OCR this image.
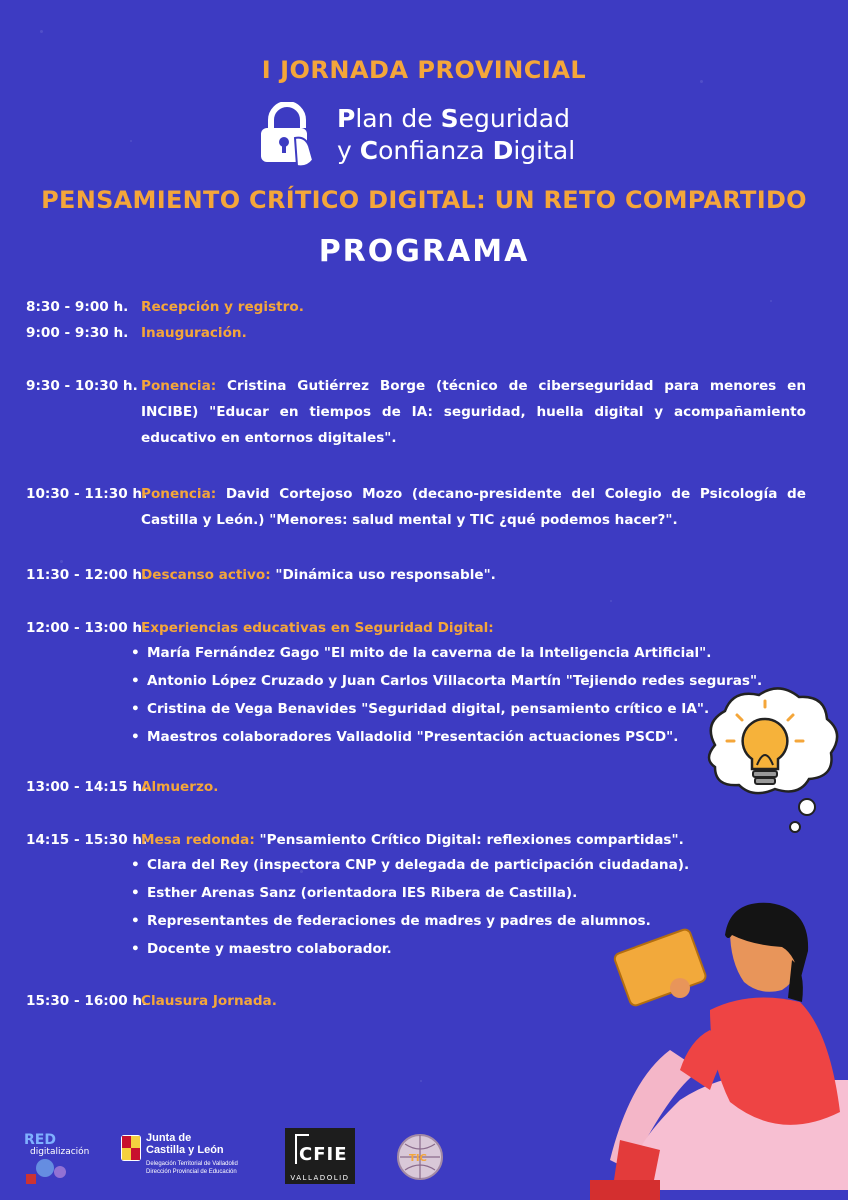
I JORNADA PROVINCIAL
Plan de Seguridad
y Confianza Digital
PENSAMIENTO CRÍTICO DIGITAL: UN RETO COMPARTIDO
PROGRAMA
8:30 - 9:00 h. Recepción y registro.
9:00 - 9:30 h. Inauguración.
9:30 - 10:30 h. Ponencia: Cristina Gutiérrez Borge (técnico de ciberseguridad para menores en INCIBE) "Educar en tiempos de IA: seguridad, huella digital y acompañamiento educativo en entornos digitales".
10:30 - 11:30 h.
Ponencia: David Cortejoso Mozo (decano-presidente del Colegio de Psicología de Castilla y León.) "Menores: salud mental y TIC ¿qué podemos hacer?".
11:30 - 12:00 h.
Descanso activo: "Dinámica uso responsable".
12:00 - 13:00 h.
Experiencias educativas en Seguridad Digital:
• María Fernández Gago "El mito de la caverna de la Inteligencia Artificial".
• Antonio López Cruzado y Juan Carlos Villacorta Martín "Tejiendo redes seguras".
• Cristina de Vega Benavides "Seguridad digital, pensamiento crítico e IA".
• Maestros colaboradores Valladolid "Presentación actuaciones PSCD".
13:00 - 14:15 h.
Almuerzo.
14:15 - 15:30 h.
Mesa redonda: "Pensamiento Crítico Digital: reflexiones compartidas".
• Clara del Rey (inspectora CNP y delegada de participación ciudadana).
• Esther Arenas Sanz (orientadora IES Ribera de Castilla).
• Representantes de federaciones de madres y padres de alumnos.
• Docente y maestro colaborador.
15:30 - 16:00 h.
Clausura Jornada.
RED
digitalización
Junta de
Castilla y León
Delegación Territorial de Valladolid
Dirección Provincial de Educación
CFIE
VALLADOLID
TIC
